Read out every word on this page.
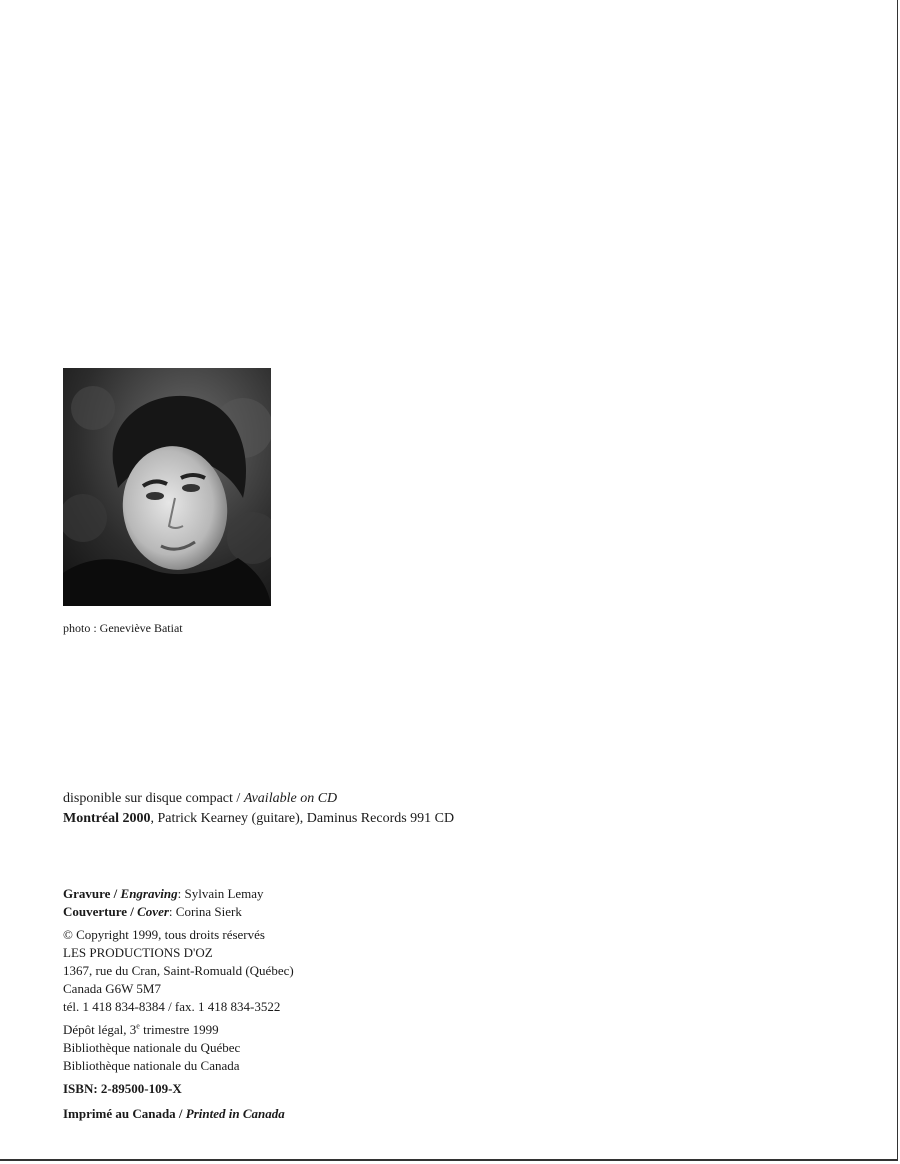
photo : Geneviève Batiat
disponible sur disque compact / Available on CD
Montréal 2000, Patrick Kearney (guitare), Daminus Records 991 CD
Gravure / Engraving: Sylvain Lemay
Couverture / Cover: Corina Sierk
© Copyright 1999, tous droits réservés
LES PRODUCTIONS D'OZ
1367, rue du Cran, Saint-Romuald (Québec)
Canada G6W 5M7
tél. 1 418 834-8384 / fax. 1 418 834-3522
Dépôt légal, 3e trimestre 1999
Bibliothèque nationale du Québec
Bibliothèque nationale du Canada
ISBN: 2-89500-109-X
Imprimé au Canada / Printed in Canada
